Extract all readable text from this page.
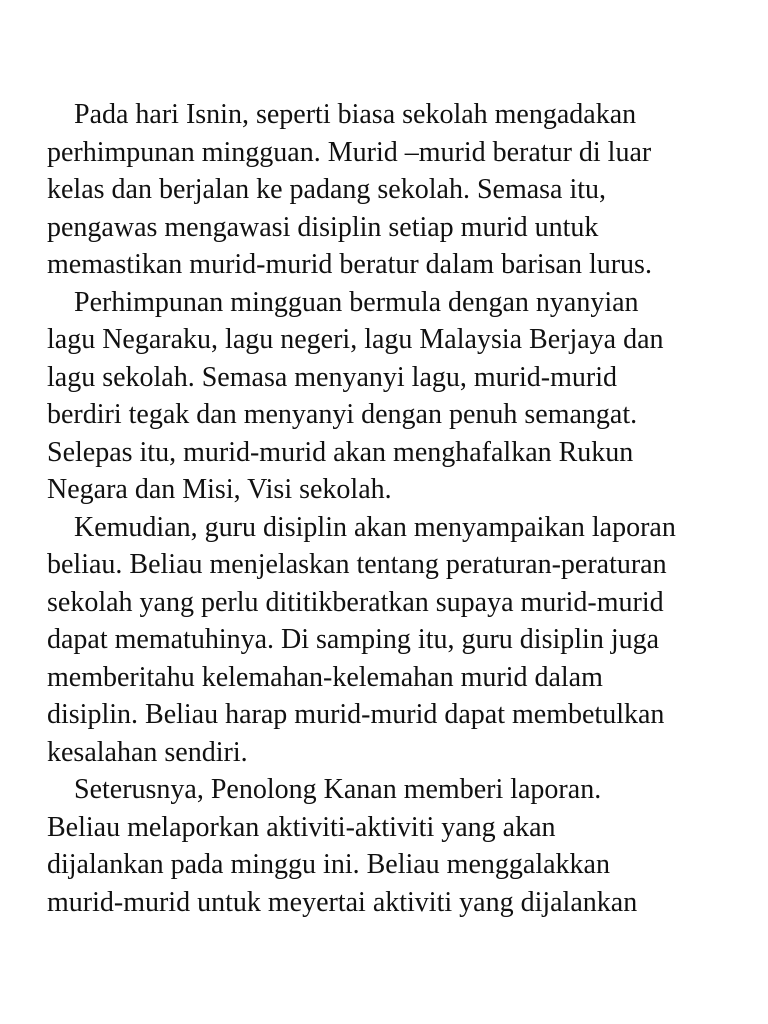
Pada hari Isnin, seperti biasa sekolah mengadakan
perhimpunan mingguan. Murid –murid beratur di luar
kelas dan berjalan ke padang sekolah. Semasa itu,
pengawas mengawasi disiplin setiap murid untuk
memastikan murid-murid beratur dalam barisan lurus.
Perhimpunan mingguan bermula dengan nyanyian
lagu Negaraku, lagu negeri, lagu Malaysia Berjaya dan
lagu sekolah. Semasa menyanyi lagu, murid-murid
berdiri tegak dan menyanyi dengan penuh semangat.
Selepas itu, murid-murid akan menghafalkan Rukun
Negara dan Misi, Visi sekolah.
Kemudian, guru disiplin akan menyampaikan laporan
beliau. Beliau menjelaskan tentang peraturan-peraturan
sekolah yang perlu dititikberatkan supaya murid-murid
dapat mematuhinya. Di samping itu, guru disiplin juga
memberitahu kelemahan-kelemahan murid dalam
disiplin. Beliau harap murid-murid dapat membetulkan
kesalahan sendiri.
Seterusnya, Penolong Kanan memberi laporan.
Beliau melaporkan aktiviti-aktiviti yang akan
dijalankan pada minggu ini. Beliau menggalakkan
murid-murid untuk meyertai aktiviti yang dijalankan
